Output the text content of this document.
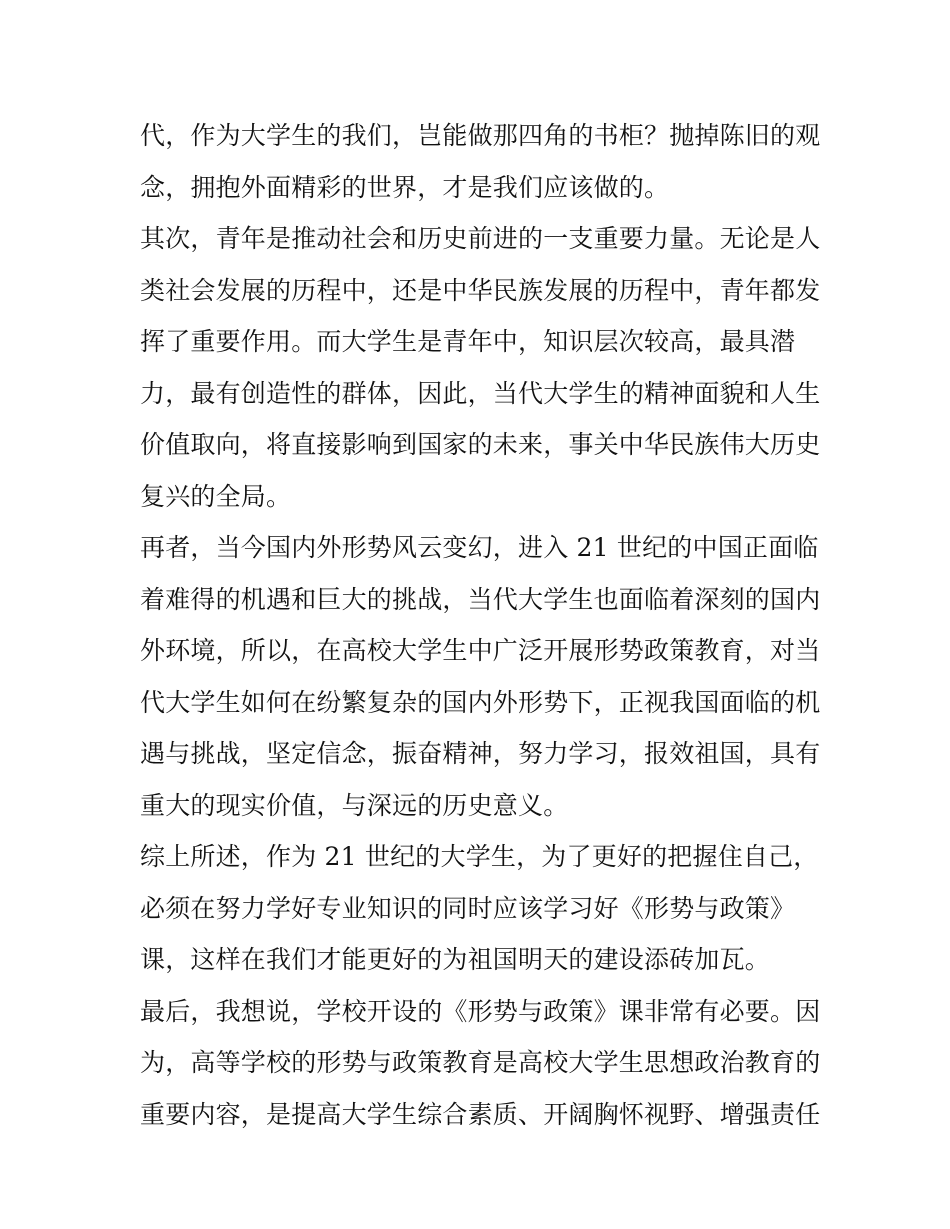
代，作为大学生的我们，岂能做那四角的书柜？抛掉陈旧的观
念，拥抱外面精彩的世界，才是我们应该做的。
其次，青年是推动社会和历史前进的一支重要力量。无论是人
类社会发展的历程中，还是中华民族发展的历程中，青年都发
挥了重要作用。而大学生是青年中，知识层次较高，最具潜
力，最有创造性的群体，因此，当代大学生的精神面貌和人生
价值取向，将直接影响到国家的未来，事关中华民族伟大历史
复兴的全局。
再者，当今国内外形势风云变幻，进入 21 世纪的中国正面临
着难得的机遇和巨大的挑战，当代大学生也面临着深刻的国内
外环境，所以，在高校大学生中广泛开展形势政策教育，对当
代大学生如何在纷繁复杂的国内外形势下，正视我国面临的机
遇与挑战，坚定信念，振奋精神，努力学习，报效祖国，具有
重大的现实价值，与深远的历史意义。
综上所述，作为 21 世纪的大学生，为了更好的把握住自己，
必须在努力学好专业知识的同时应该学习好《形势与政策》
课，这样在我们才能更好的为祖国明天的建设添砖加瓦。
最后，我想说，学校开设的《形势与政策》课非常有必要。因
为，高等学校的形势与政策教育是高校大学生思想政治教育的
重要内容，是提高大学生综合素质、开阔胸怀视野、增强责任
